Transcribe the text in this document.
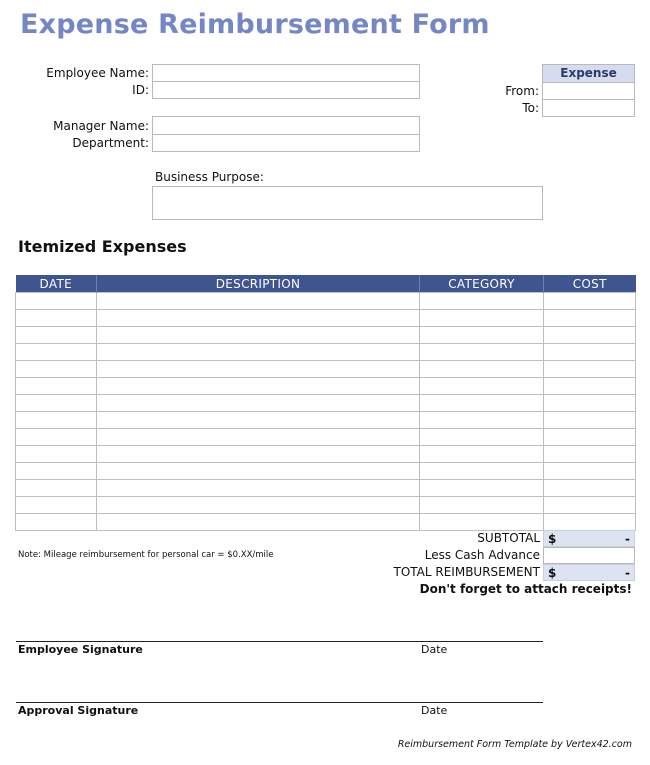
Expense Reimbursement Form
Employee Name:
ID:
Manager Name:
Department:
Business Purpose:
Expense
From:
To:
Itemized Expenses
DATE	DESCRIPTION	CATEGORY	COST

SUBTOTAL $	-
Less Cash Advance
TOTAL REIMBURSEMENT $	-
Note: Mileage reimbursement for personal car = $0.XX/mile
Don't forget to attach receipts!
Employee Signature	Date
Approval Signature	Date
Reimbursement Form Template by Vertex42.com
